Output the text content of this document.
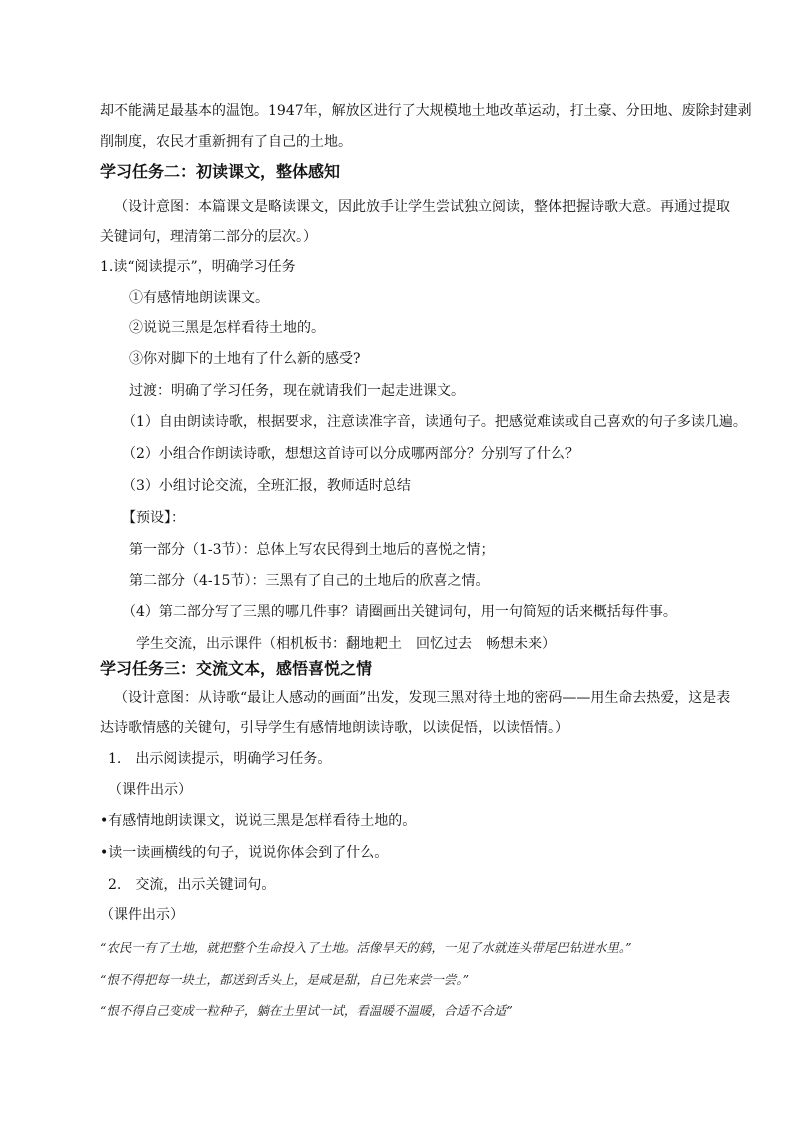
却不能满足最基本的温饱。1947年，解放区进行了大规模地土地改革运动，打土豪、分田地、废除封建剥
削制度，农民才重新拥有了自己的土地。
学习任务二：初读课文，整体感知
（设计意图：本篇课文是略读课文，因此放手让学生尝试独立阅读，整体把握诗歌大意。再通过提取
关键词句，理清第二部分的层次。）
1.读“阅读提示”，明确学习任务
①有感情地朗读课文。
②说说三黑是怎样看待土地的。
③你对脚下的土地有了什么新的感受?
过渡：明确了学习任务，现在就请我们一起走进课文。
（1）自由朗读诗歌，根据要求，注意读准字音，读通句子。把感觉难读或自己喜欢的句子多读几遍。
（2）小组合作朗读诗歌，想想这首诗可以分成哪两部分？分别写了什么？
（3）小组讨论交流，全班汇报，教师适时总结
【预设】：
第一部分（1-3节）：总体上写农民得到土地后的喜悦之情；
第二部分（4-15节）：三黑有了自己的土地后的欣喜之情。
（4）第二部分写了三黑的哪几件事？请圈画出关键词句，用一句简短的话来概括每件事。
学生交流，出示课件（相机板书：翻地耙土　回忆过去　畅想未来）
学习任务三：交流文本，感悟喜悦之情
（设计意图：从诗歌“最让人感动的画面”出发，发现三黑对待土地的密码——用生命去热爱，这是表
达诗歌情感的关键句，引导学生有感情地朗读诗歌，以读促悟，以读悟情。）
1.　出示阅读提示，明确学习任务。
（课件出示）
•有感情地朗读课文，说说三黑是怎样看待土地的。
•读一读画横线的句子，说说你体会到了什么。
2.　交流，出示关键词句。
（课件出示）
“农民一有了土地，就把整个生命投入了土地。活像旱天的鸫，一见了水就连头带尾巴钻进水里。”
“恨不得把每一块土，都送到舌头上，是咸是甜，自已先来尝一尝。”
“恨不得自己变成一粒种子，躺在土里试一试，看温暖不温暖，合适不合适”
